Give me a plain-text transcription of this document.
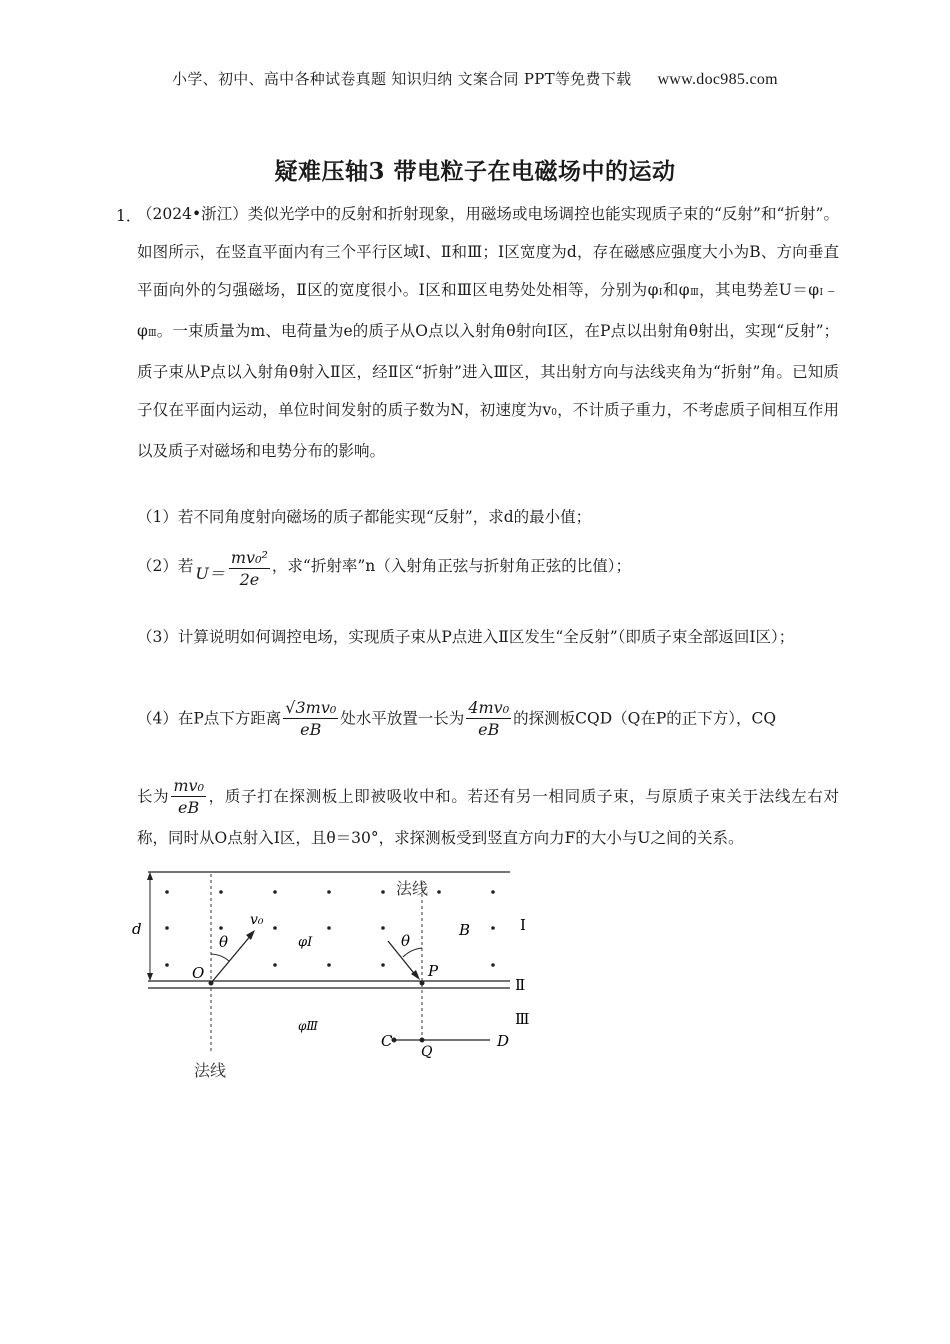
小学、初中、高中各种试卷真题 知识归纳 文案合同 PPT等免费下载 www.doc985.com
疑难压轴3 带电粒子在电磁场中的运动
1．
（2024•浙江）类似光学中的反射和折射现象，用磁场或电场调控也能实现质子束的“反射”和“折射”。如图所示，在竖直平面内有三个平行区域Ⅰ、Ⅱ和Ⅲ；Ⅰ区宽度为d，存在磁感应强度大小为B、方向垂直平面向外的匀强磁场，Ⅱ区的宽度很小。Ⅰ区和Ⅲ区电势处处相等，分别为φⅠ和φⅢ，其电势差U＝φⅠ﹣φⅢ。一束质量为m、电荷量为e的质子从O点以入射角θ射向Ⅰ区，在P点以出射角θ射出，实现“反射”；质子束从P点以入射角θ射入Ⅱ区，经Ⅱ区“折射”进入Ⅲ区，其出射方向与法线夹角为“折射”角。已知质子仅在平面内运动，单位时间发射的质子数为N，初速度为v0，不计质子重力，不考虑质子间相互作用以及质子对磁场和电势分布的影响。
（1）若不同角度射向磁场的质子都能实现“反射”，求d的最小值；
（2）若 $U= \frac{\text{mv₀²}}{2e}$ ，求“折射率”n（入射角正弦与折射角正弦的比值）；
（3）计算说明如何调控电场，实现质子束从P点进入Ⅱ区发生“全反射”（即质子束全部返回Ⅰ区）；
（4）在P点下方距离 $\frac{\text{√3mv₀}}{eB}$ 处水平放置一长为 $\frac{\text{4mv₀}}{eB}$ 的探测板CQD（Q在P的正下方），CQ
长为 $\frac{\text{mv₀}}{eB}$ ，质子打在探测板上即被吸收中和。若还有另一相同质子束，与原质子束关于法线左右对称，同时从O点射入Ⅰ区，且θ＝30°，求探测板受到竖直方向力F的大小与U之间的关系。
d
θ
v₀
φⅠ
O
θ
P
法线
B	Ⅰ
Ⅱ
Ⅲ
φⅢ
C
Q
D
法线
